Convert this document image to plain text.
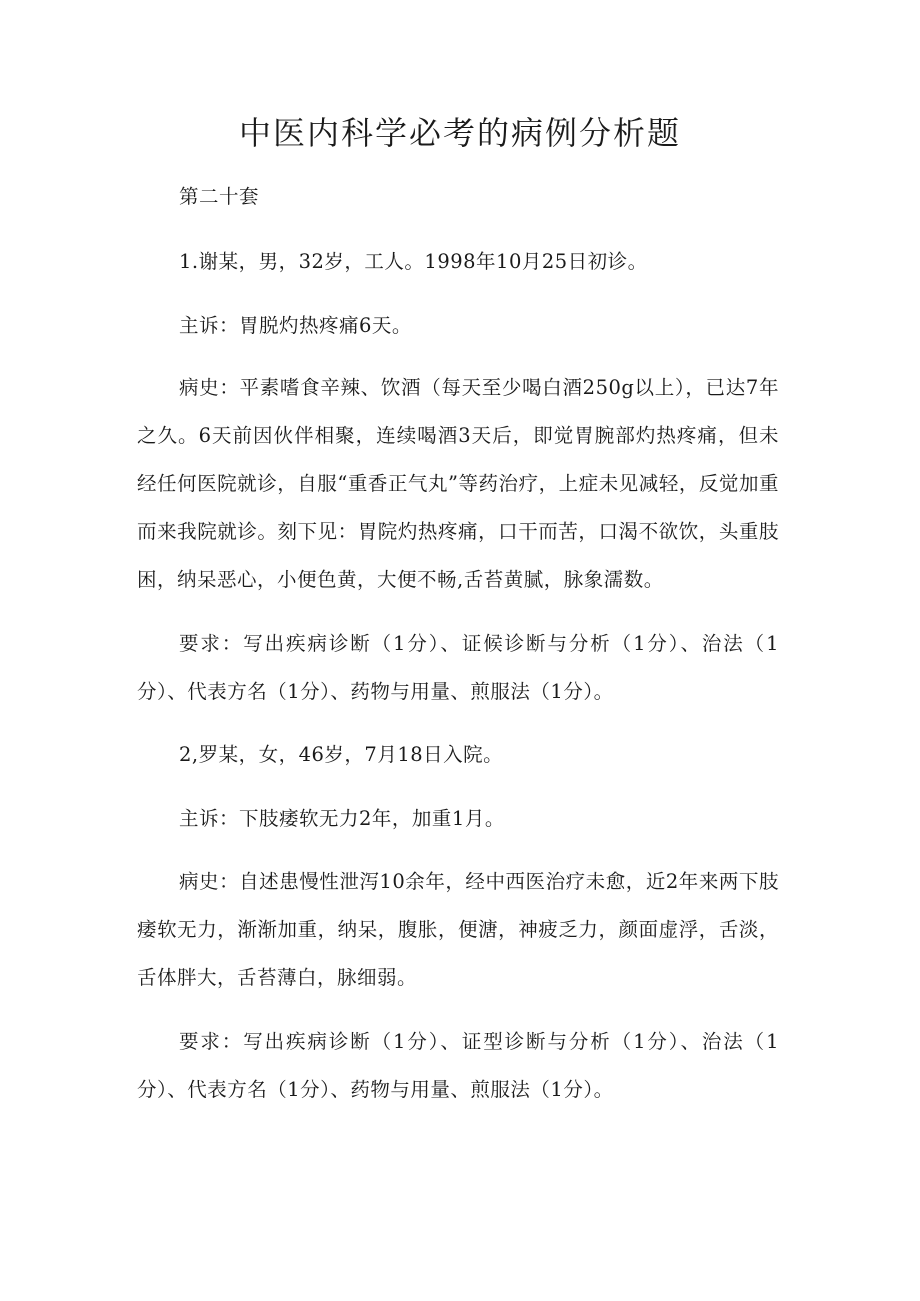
中医内科学必考的病例分析题

第二十套

1.谢某，男，32岁，工人。1998年10月25日初诊。

主诉：胃脱灼热疼痛6天。

病史：平素嗜食辛辣、饮酒（每天至少喝白酒250g以上），已达7年之久。6天前因伙伴相聚，连续喝酒3天后，即觉胃腕部灼热疼痛，但未经任何医院就诊，自服“重香正气丸”等药治疗，上症未见减轻，反觉加重而来我院就诊。刻下见：胃院灼热疼痛，口干而苦，口渴不欲饮，头重肢困，纳呆恶心，小便色黄，大便不畅,舌苔黄腻，脉象濡数。

要求：写出疾病诊断（1分）、证候诊断与分析（1分）、治法（1分）、代表方名（1分）、药物与用量、煎服法（1分）。

2,罗某，女，46岁，7月18日入院。

主诉：下肢痿软无力2年，加重1月。

病史：自述患慢性泄泻10余年，经中西医治疗未愈，近2年来两下肢痿软无力，渐渐加重，纳呆，腹胀，便溏，神疲乏力，颜面虚浮，舌淡，舌体胖大，舌苔薄白，脉细弱。

要求：写出疾病诊断（1分）、证型诊断与分析（1分）、治法（1分）、代表方名（1分）、药物与用量、煎服法（1分）。
